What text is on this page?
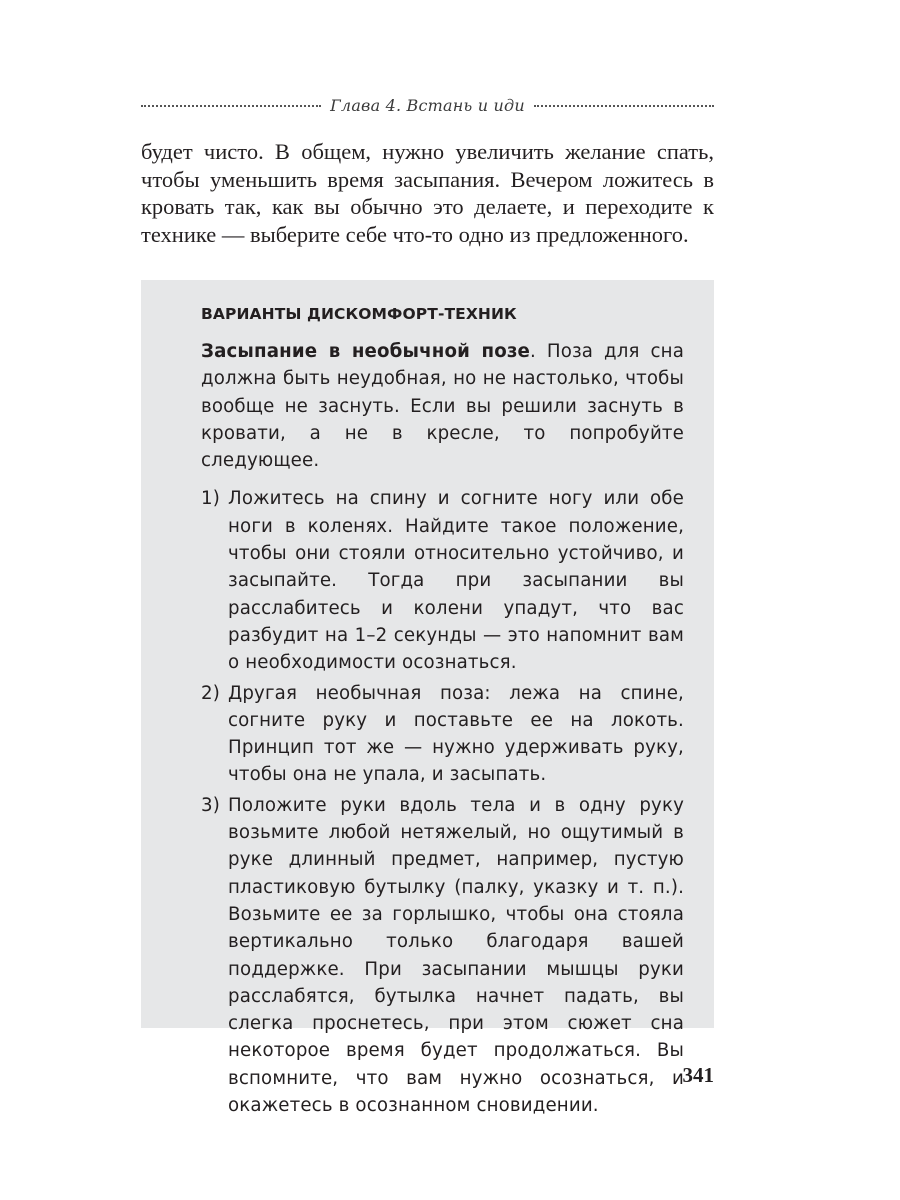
Глава 4. Встань и иди

будет чисто. В общем, нужно увеличить желание спать, чтобы уменьшить время засыпания. Вечером ложитесь в кровать так, как вы обычно это делаете, и переходите к технике — выберите себе что-то одно из предложенного.

ВАРИАНТЫ ДИСКОМФОРТ-ТЕХНИК

Засыпание в необычной позе. Поза для сна должна быть неудобная, но не настолько, чтобы вообще не заснуть. Если вы решили заснуть в кровати, а не в кресле, то попробуйте следующее.

1) Ложитесь на спину и согните ногу или обе ноги в коленях. Найдите такое положение, чтобы они стояли относительно устойчиво, и засыпайте. Тогда при засыпании вы расслабитесь и колени упадут, что вас разбудит на 1–2 секунды — это напомнит вам о необходимости осознаться.
2) Другая необычная поза: лежа на спине, согните руку и поставьте ее на локоть. Принцип тот же — нужно удерживать руку, чтобы она не упала, и засыпать.
3) Положите руки вдоль тела и в одну руку возьмите любой нетяжелый, но ощутимый в руке длинный предмет, например, пустую пластиковую бутылку (палку, указку и т. п.). Возьмите ее за горлышко, чтобы она стояла вертикально только благодаря вашей поддержке. При засыпании мышцы руки расслабятся, бутылка начнет падать, вы слегка проснетесь, при этом сюжет сна некоторое время будет продолжаться. Вы вспомните, что вам нужно осознаться, и окажетесь в осознанном сновидении.
341
